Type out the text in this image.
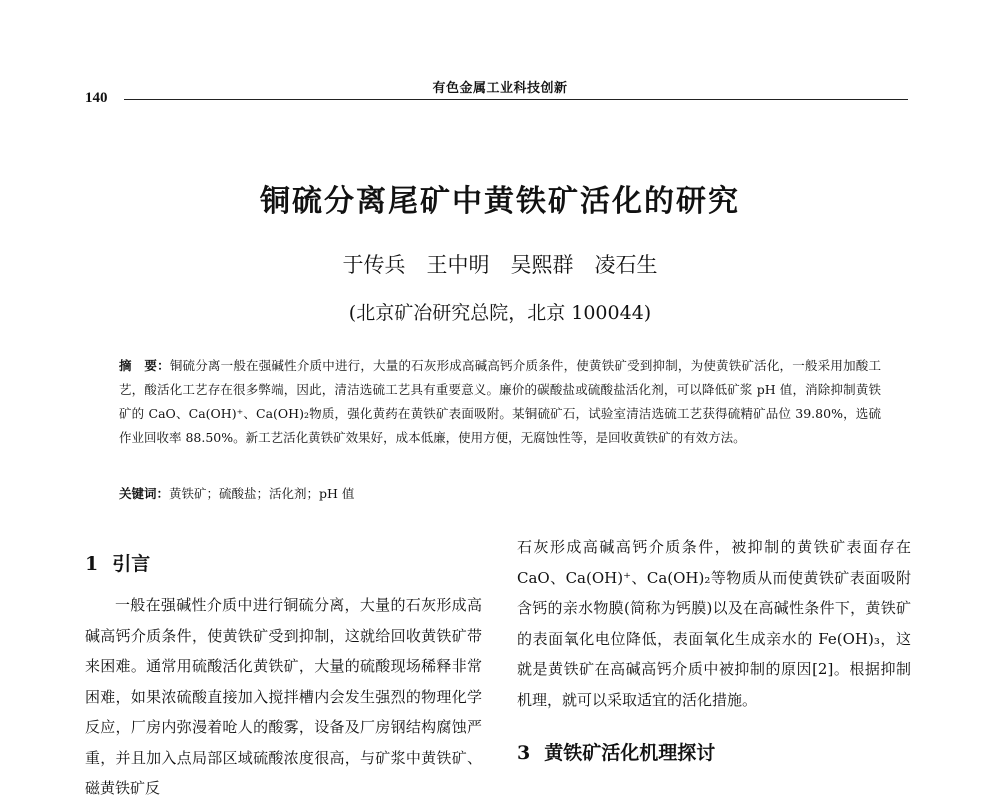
有色金属工业科技创新
140
铜硫分离尾矿中黄铁矿活化的研究
于传兵　王中明　吴熙群　凌石生
(北京矿冶研究总院，北京 100044)
摘　要：铜硫分离一般在强碱性介质中进行，大量的石灰形成高碱高钙介质条件，使黄铁矿受到抑制，为使黄铁矿活化，一般采用加酸工艺，酸活化工艺存在很多弊端，因此，清洁选硫工艺具有重要意义。廉价的碳酸盐或硫酸盐活化剂，可以降低矿浆 pH 值，消除抑制黄铁矿的 CaO、Ca(OH)⁺、Ca(OH)₂物质，强化黄药在黄铁矿表面吸附。某铜硫矿石，试验室清洁选硫工艺获得硫精矿品位 39.80%，选硫作业回收率 88.50%。新工艺活化黄铁矿效果好，成本低廉，使用方便，无腐蚀性等，是回收黄铁矿的有效方法。
关键词：黄铁矿；硫酸盐；活化剂；pH 值
1 引言

一般在强碱性介质中进行铜硫分离，大量的石灰形成高碱高钙介质条件，使黄铁矿受到抑制，这就给回收黄铁矿带来困难。通常用硫酸活化黄铁矿，大量的硫酸现场稀释非常困难，如果浓硫酸直接加入搅拌槽内会发生强烈的物理化学反应，厂房内弥漫着呛人的酸雾，设备及厂房钢结构腐蚀严重，并且加入点局部区域硫酸浓度很高，与矿浆中黄铁矿、磁黄铁矿反

石灰形成高碱高钙介质条件，被抑制的黄铁矿表面存在 CaO、Ca(OH)⁺、Ca(OH)₂等物质从而使黄铁矿表面吸附含钙的亲水物膜(简称为钙膜)以及在高碱性条件下，黄铁矿的表面氧化电位降低，表面氧化生成亲水的 Fe(OH)₃，这就是黄铁矿在高碱高钙介质中被抑制的原因[2]。根据抑制机理，就可以采取适宜的活化措施。

3 黄铁矿活化机理探讨
